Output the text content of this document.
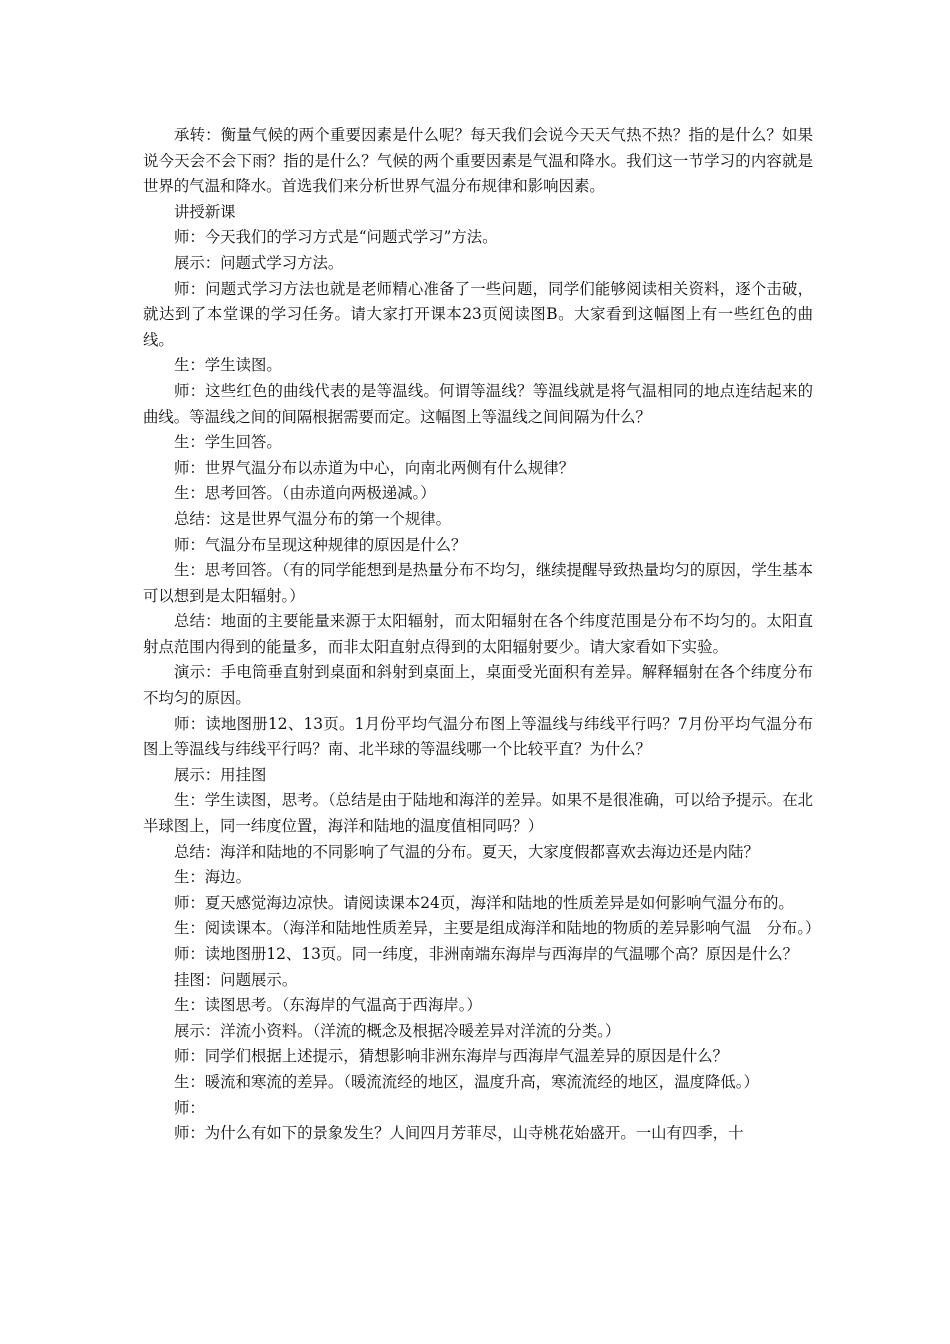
承转：衡量气候的两个重要因素是什么呢？每天我们会说今天天气热不热？指的是什么？如果说今天会不会下雨？指的是什么？气候的两个重要因素是气温和降水。我们这一节学习的内容就是世界的气温和降水。首选我们来分析世界气温分布规律和影响因素。

讲授新课

师：今天我们的学习方式是“问题式学习”方法。

展示：问题式学习方法。

师：问题式学习方法也就是老师精心准备了一些问题，同学们能够阅读相关资料，逐个击破，就达到了本堂课的学习任务。请大家打开课本23页阅读图B。大家看到这幅图上有一些红色的曲线。

生：学生读图。

师：这些红色的曲线代表的是等温线。何谓等温线？等温线就是将气温相同的地点连结起来的曲线。等温线之间的间隔根据需要而定。这幅图上等温线之间间隔为什么？

生：学生回答。

师：世界气温分布以赤道为中心，向南北两侧有什么规律？

生：思考回答。（由赤道向两极递减。）

总结：这是世界气温分布的第一个规律。

师：气温分布呈现这种规律的原因是什么？

生：思考回答。（有的同学能想到是热量分布不均匀，继续提醒导致热量均匀的原因，学生基本可以想到是太阳辐射。）

总结：地面的主要能量来源于太阳辐射，而太阳辐射在各个纬度范围是分布不均匀的。太阳直射点范围内得到的能量多，而非太阳直射点得到的太阳辐射要少。请大家看如下实验。

演示：手电筒垂直射到桌面和斜射到桌面上，桌面受光面积有差异。解释辐射在各个纬度分布不均匀的原因。

师：读地图册12、13页。1月份平均气温分布图上等温线与纬线平行吗？7月份平均气温分布图上等温线与纬线平行吗？南、北半球的等温线哪一个比较平直？为什么？

展示：用挂图

生：学生读图，思考。（总结是由于陆地和海洋的差异。如果不是很准确，可以给予提示。在北半球图上，同一纬度位置，海洋和陆地的温度值相同吗？）

总结：海洋和陆地的不同影响了气温的分布。夏天，大家度假都喜欢去海边还是内陆？

生：海边。

师：夏天感觉海边凉快。请阅读课本24页，海洋和陆地的性质差异是如何影响气温分布的。

生：阅读课本。（海洋和陆地性质差异，主要是组成海洋和陆地的物质的差异影响气温　分布。）

师：读地图册12、13页。同一纬度，非洲南端东海岸与西海岸的气温哪个高？原因是什么？

挂图：问题展示。

生：读图思考。（东海岸的气温高于西海岸。）

展示：洋流小资料。（洋流的概念及根据冷暖差异对洋流的分类。）

师：同学们根据上述提示，猜想影响非洲东海岸与西海岸气温差异的原因是什么？

生：暖流和寒流的差异。（暖流流经的地区，温度升高，寒流流经的地区，温度降低。）

师：

师：为什么有如下的景象发生？人间四月芳菲尽，山寺桃花始盛开。一山有四季，十
